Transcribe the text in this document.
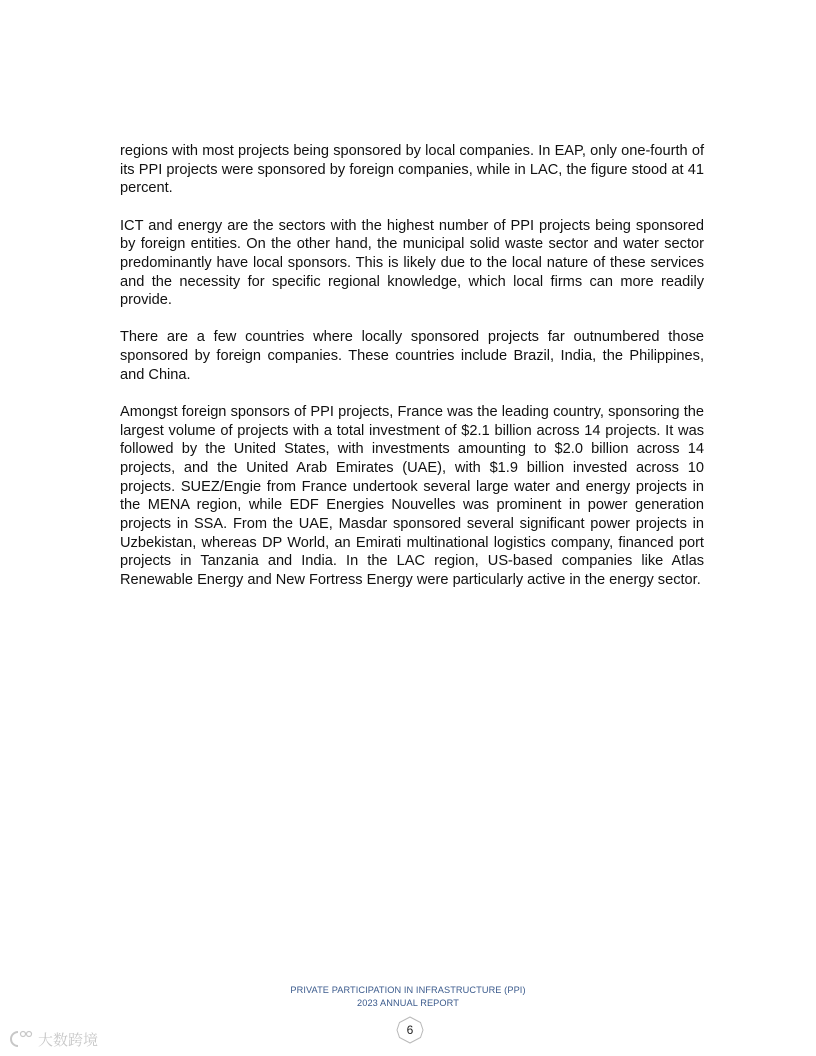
regions with most projects being sponsored by local companies. In EAP, only one-fourth of its PPI projects were sponsored by foreign companies, while in LAC, the figure stood at 41 percent.

ICT and energy are the sectors with the highest number of PPI projects being sponsored by foreign entities. On the other hand, the municipal solid waste sector and water sector predominantly have local sponsors. This is likely due to the local nature of these services and the necessity for specific regional knowledge, which local firms can more readily provide.

There are a few countries where locally sponsored projects far outnumbered those sponsored by foreign companies. These countries include Brazil, India, the Philippines, and China.

Amongst foreign sponsors of PPI projects, France was the leading country, sponsoring the largest volume of projects with a total investment of $2.1 billion across 14 projects. It was followed by the United States, with investments amounting to $2.0 billion across 14 projects, and the United Arab Emirates (UAE), with $1.9 billion invested across 10 projects. SUEZ/Engie from France undertook several large water and energy projects in the MENA region, while EDF Energies Nouvelles was prominent in power generation projects in SSA. From the UAE, Masdar sponsored several significant power projects in Uzbekistan, whereas DP World, an Emirati multinational logistics company, financed port projects in Tanzania and India. In the LAC region, US-based companies like Atlas Renewable Energy and New Fortress Energy were particularly active in the energy sector.

PRIVATE PARTICIPATION IN INFRASTRUCTURE (PPI)
2023 ANNUAL REPORT
6
大数跨境
